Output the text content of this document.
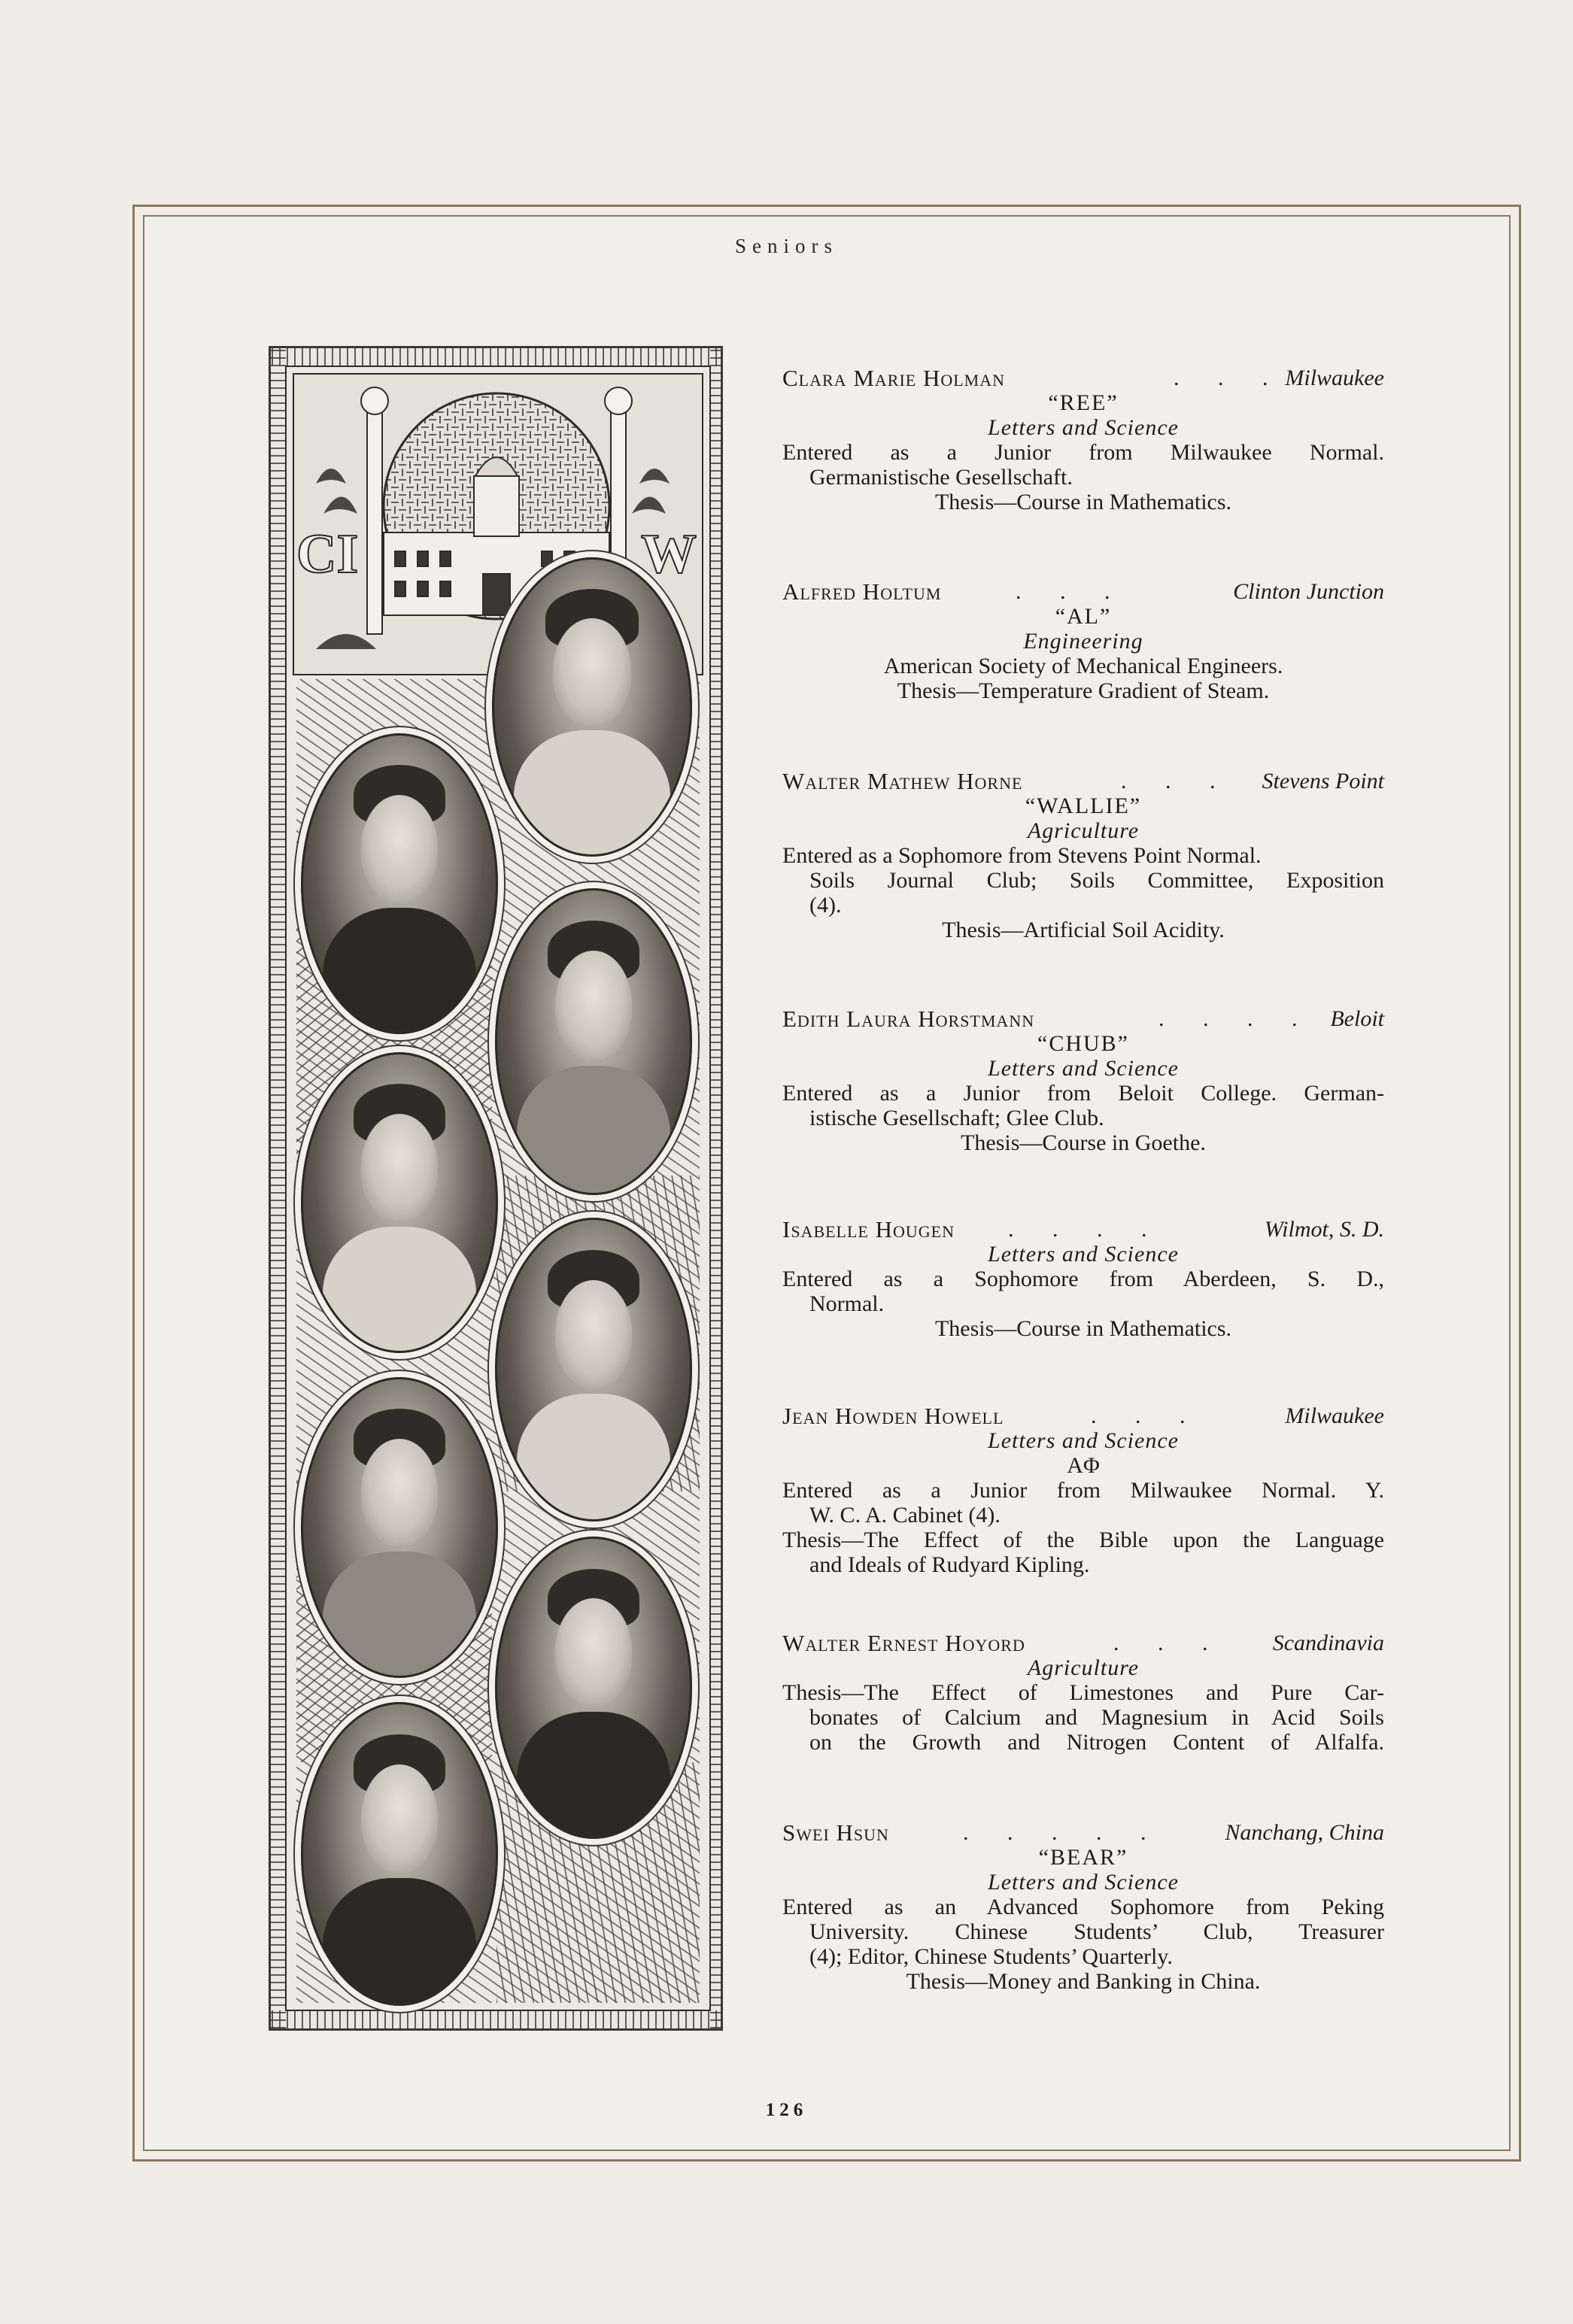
Seniors
CI	W
Clara Marie Holman	. . . Milwaukee
“REE”
Letters and Science
Entered as a Junior from Milwaukee Normal.
Germanistische Gesellschaft.
Thesis—Course in Mathematics.
Alfred Holtum	. . .	Clinton Junction
“AL”
Engineering
American Society of Mechanical Engineers.
Thesis—Temperature Gradient of Steam.
Walter Mathew Horne	. . . Stevens Point
“WALLIE”
Agriculture
Entered as a Sophomore from Stevens Point Normal.
Soils Journal Club; Soils Committee, Exposition
(4).
Thesis—Artificial Soil Acidity.
Edith Laura Horstmann	. . . . Beloit
“CHUB”
Letters and Science
Entered as a Junior from Beloit College. German-
istische Gesellschaft; Glee Club.
Thesis—Course in Goethe.
Isabelle Hougen . . . .	Wilmot, S. D.
Letters and Science
Entered as a Sophomore from Aberdeen, S. D.,
Normal.
Thesis—Course in Mathematics.
Jean Howden Howell	. . .	Milwaukee
Letters and Science
AΦ
Entered as a Junior from Milwaukee Normal. Y.
W. C. A. Cabinet (4).
Thesis—The Effect of the Bible upon the Language
and Ideals of Rudyard Kipling.
Walter Ernest Hoyord	. . . Scandinavia
Agriculture
Thesis—The Effect of Limestones and Pure Car-
bonates of Calcium and Magnesium in Acid Soils
on the Growth and Nitrogen Content of Alfalfa.
Swei Hsun	. . . . .	Nanchang, China
“BEAR”
Letters and Science
Entered as an Advanced Sophomore from Peking
University. Chinese Students’ Club, Treasurer
(4); Editor, Chinese Students’ Quarterly.
Thesis—Money and Banking in China.
126
